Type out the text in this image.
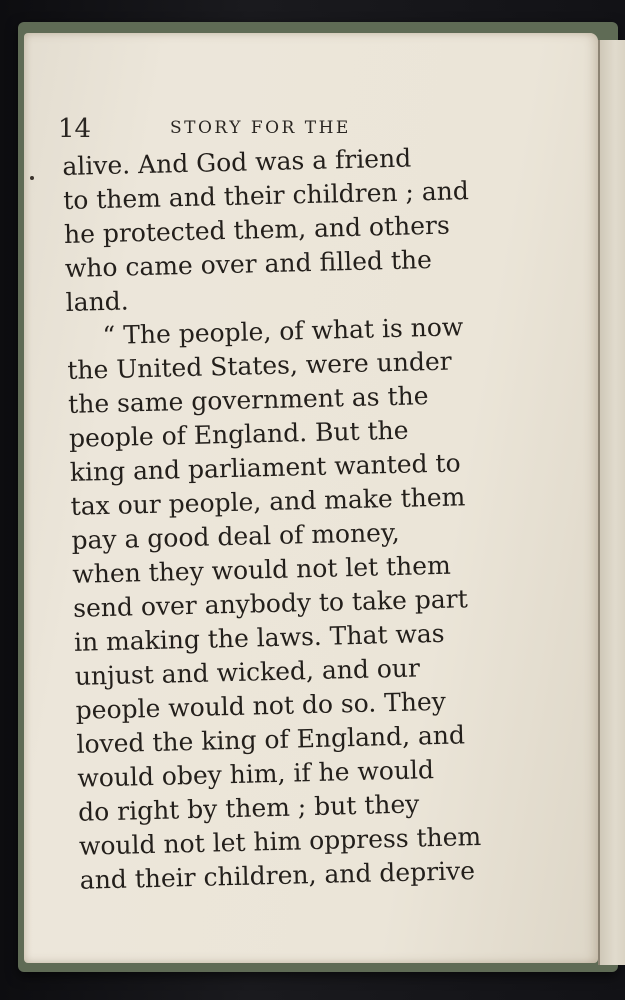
14	STORY FOR THE
alive. And God was a friend
to them and their children ; and
he protected them, and others
who came over and filled the
land.
“ The people, of what is now
the United States, were under
the same government as the
people of England. But the
king and parliament wanted to
tax our people, and make them
pay a good deal of money,
when they would not let them
send over anybody to take part
in making the laws. That was
unjust and wicked, and our
people would not do so. They
loved the king of England, and
would obey him, if he would
do right by them ; but they
would not let him oppress them
and their children, and deprive
